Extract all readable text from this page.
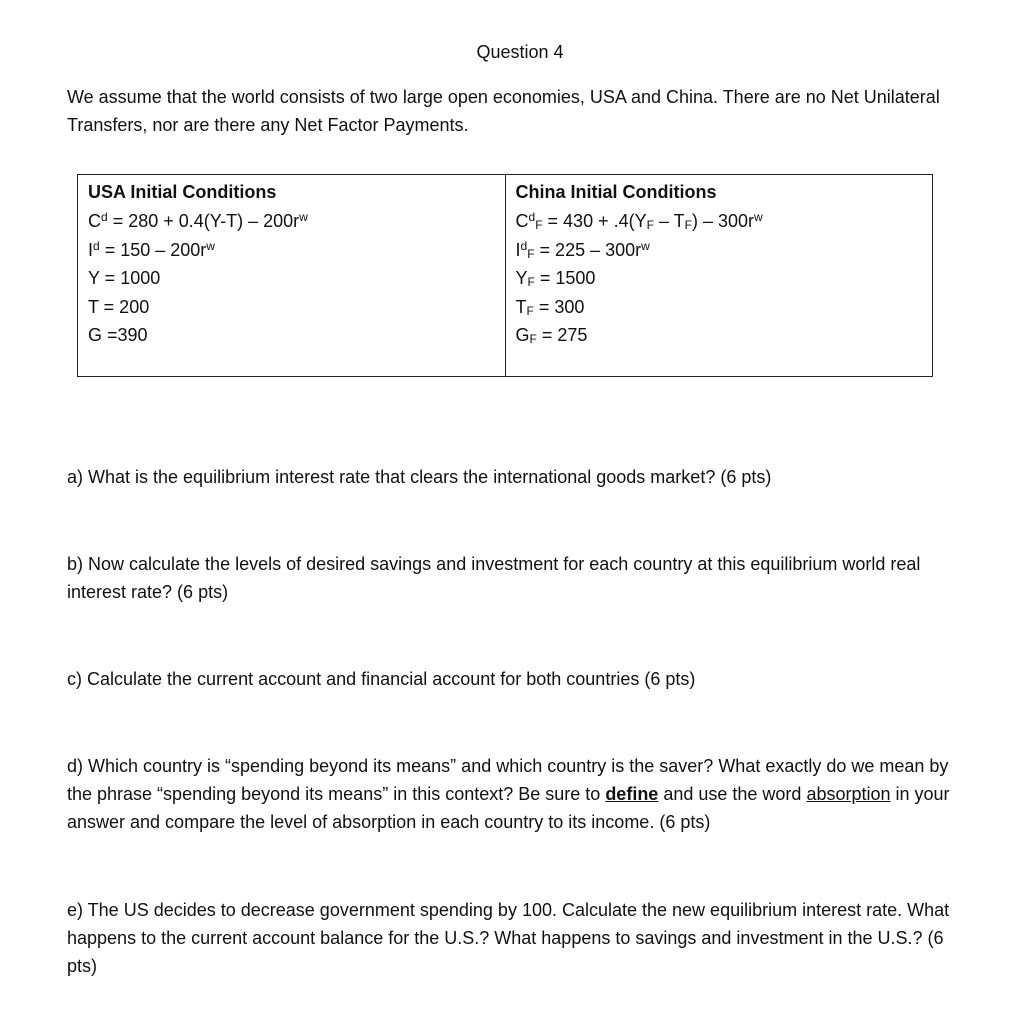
Question 4
We assume that the world consists of two large open economies, USA and China. There are no Net Unilateral Transfers, nor are there any Net Factor Payments.
USA Initial Conditions
$C^d = 280 + 0.4(Y-T) - 200r^w$
$I^d = 150 - 200r^w$
Y = 1000
T = 200
G =390

China Initial Conditions
$C^d_F = 430 + .4(Y_F - T_F) - 300r^w$
$I^d_F = 225 - 300r^w$
$Y_F = 1500$
$T_F = 300$
$G_F = 275$
a) What is the equilibrium interest rate that clears the international goods market? (6 pts)
b) Now calculate the levels of desired savings and investment for each country at this equilibrium world real interest rate? (6 pts)
c) Calculate the current account and financial account for both countries (6 pts)
d) Which country is “spending beyond its means” and which country is the saver? What exactly do we mean by the phrase “spending beyond its means” in this context? Be sure to define and use the word absorption in your answer and compare the level of absorption in each country to its income. (6 pts)
e) The US decides to decrease government spending by 100. Calculate the new equilibrium interest rate. What happens to the current account balance for the U.S.? What happens to savings and investment in the U.S.? (6 pts)
